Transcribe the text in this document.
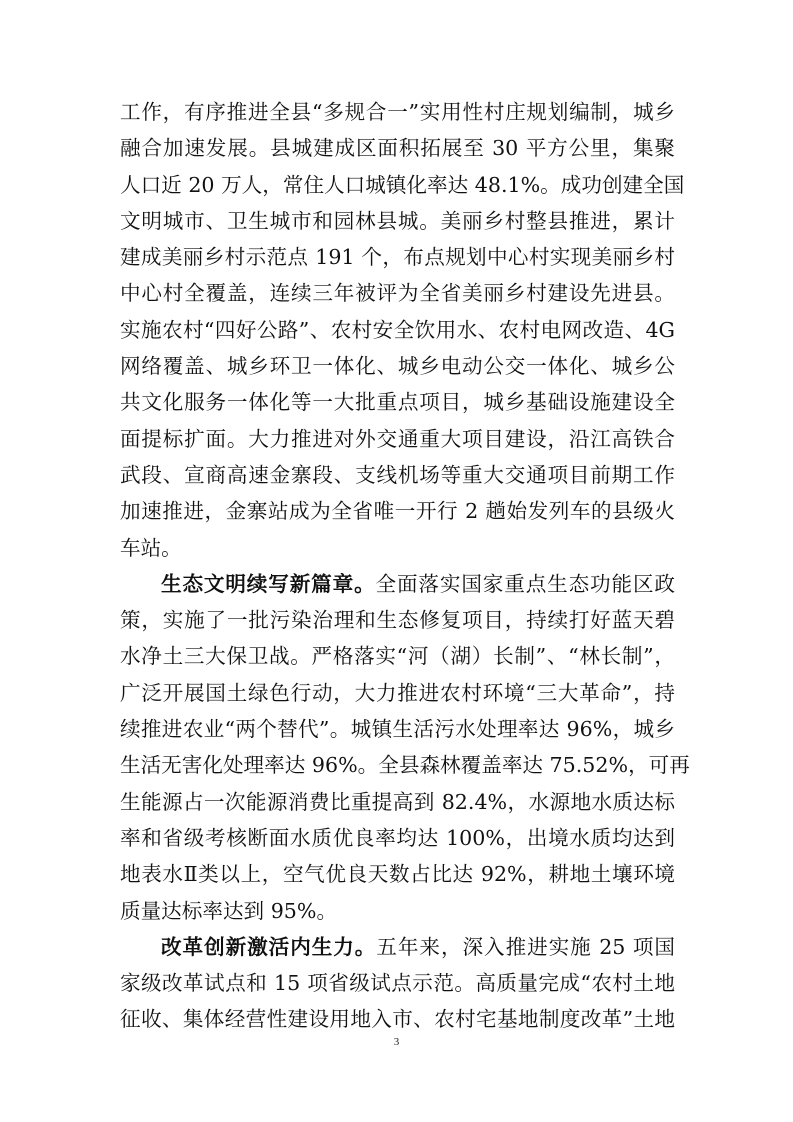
工作，有序推进全县“多规合一”实用性村庄规划编制，城乡
融合加速发展。县城建成区面积拓展至 30 平方公里，集聚
人口近 20 万人，常住人口城镇化率达 48.1%。成功创建全国
文明城市、卫生城市和园林县城。美丽乡村整县推进，累计
建成美丽乡村示范点 191 个，布点规划中心村实现美丽乡村
中心村全覆盖，连续三年被评为全省美丽乡村建设先进县。
实施农村“四好公路”、农村安全饮用水、农村电网改造、4G
网络覆盖、城乡环卫一体化、城乡电动公交一体化、城乡公
共文化服务一体化等一大批重点项目，城乡基础设施建设全
面提标扩面。大力推进对外交通重大项目建设，沿江高铁合
武段、宣商高速金寨段、支线机场等重大交通项目前期工作
加速推进，金寨站成为全省唯一开行 2 趟始发列车的县级火
车站。
生态文明续写新篇章。全面落实国家重点生态功能区政
策，实施了一批污染治理和生态修复项目，持续打好蓝天碧
水净土三大保卫战。严格落实“河（湖）长制”、“林长制”，
广泛开展国土绿色行动，大力推进农村环境“三大革命”，持
续推进农业“两个替代”。城镇生活污水处理率达 96%，城乡
生活无害化处理率达 96%。全县森林覆盖率达 75.52%，可再
生能源占一次能源消费比重提高到 82.4%，水源地水质达标
率和省级考核断面水质优良率均达 100%，出境水质均达到
地表水Ⅱ类以上，空气优良天数占比达 92%，耕地土壤环境
质量达标率达到 95%。
改革创新激活内生力。五年来，深入推进实施 25 项国
家级改革试点和 15 项省级试点示范。高质量完成“农村土地
征收、集体经营性建设用地入市、农村宅基地制度改革”土地
3
